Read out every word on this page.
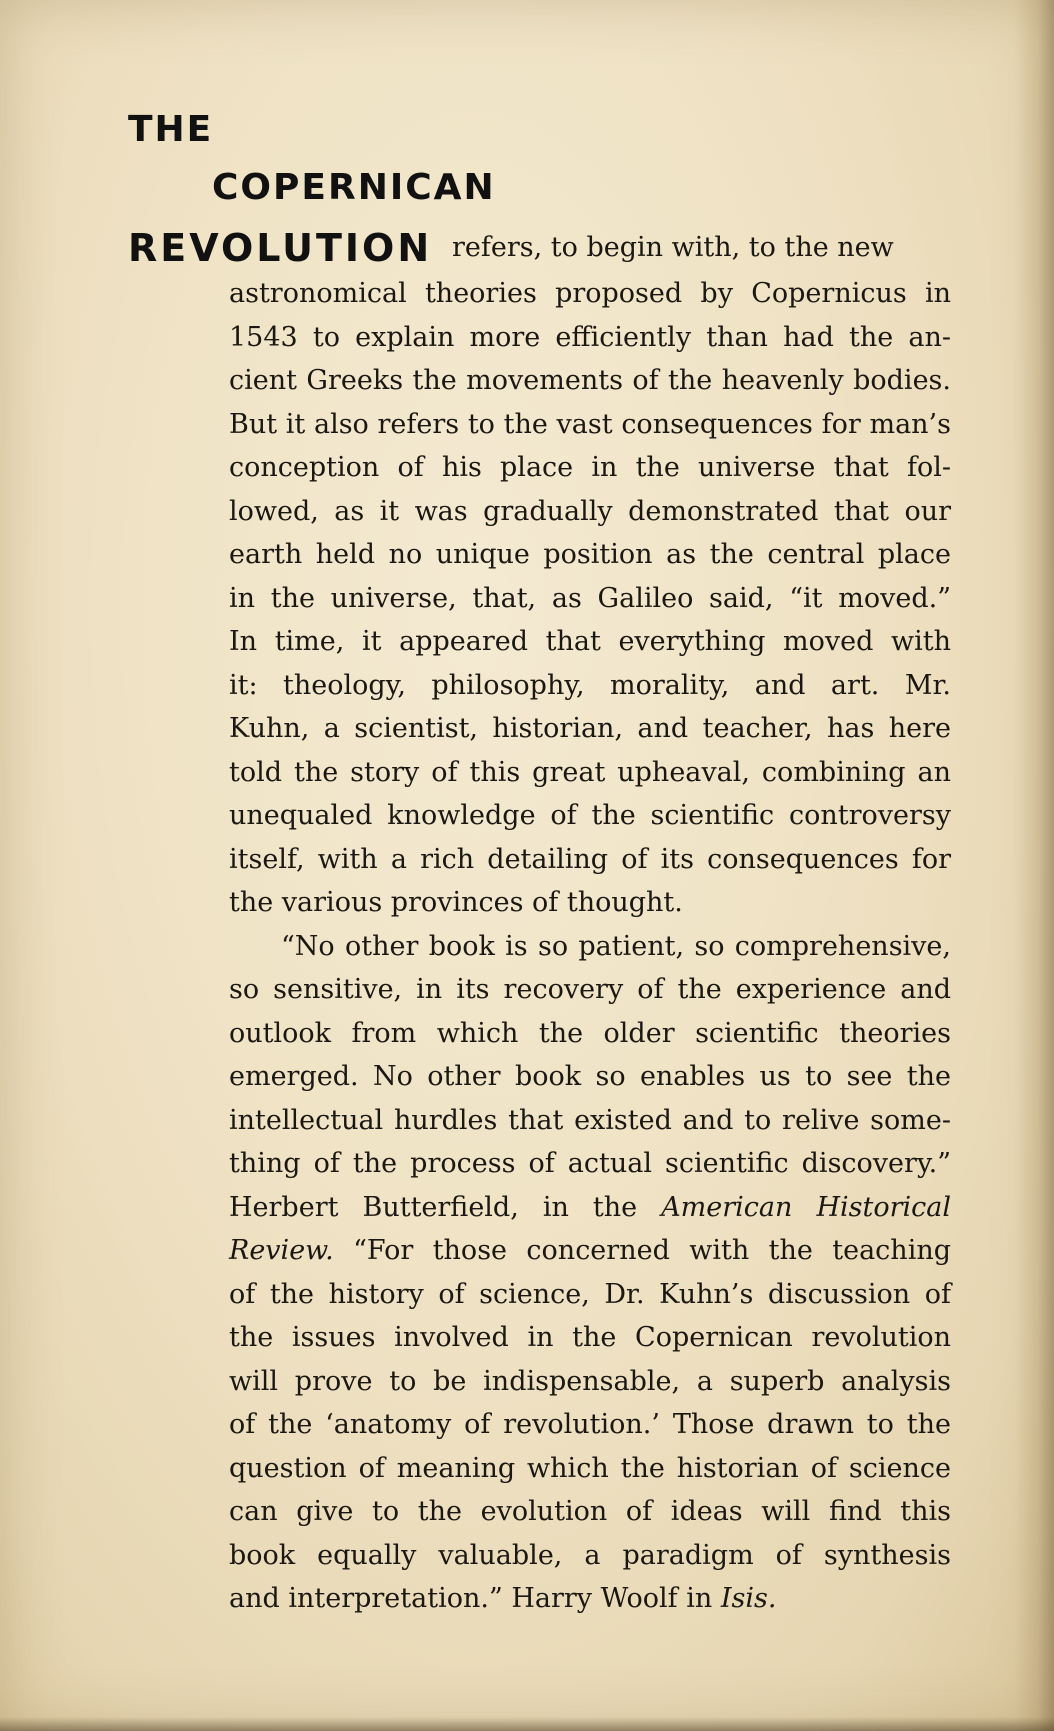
THE
COPERNICAN
REVOLUTION refers, to begin with, to the new

astronomical theories proposed by Copernicus in
1543 to explain more efficiently than had the an-
cient Greeks the movements of the heavenly bodies.
But it also refers to the vast consequences for man’s
conception of his place in the universe that fol-
lowed, as it was gradually demonstrated that our
earth held no unique position as the central place
in the universe, that, as Galileo said, “it moved.”
In time, it appeared that everything moved with
it: theology, philosophy, morality, and art. Mr.
Kuhn, a scientist, historian, and teacher, has here
told the story of this great upheaval, combining an
unequaled knowledge of the scientific controversy
itself, with a rich detailing of its consequences for
the various provinces of thought.
“No other book is so patient, so comprehensive,
so sensitive, in its recovery of the experience and
outlook from which the older scientific theories
emerged. No other book so enables us to see the
intellectual hurdles that existed and to relive some-
thing of the process of actual scientific discovery.”
Herbert Butterfield, in the American Historical
Review. “For those concerned with the teaching
of the history of science, Dr. Kuhn’s discussion of
the issues involved in the Copernican revolution
will prove to be indispensable, a superb analysis
of the ‘anatomy of revolution.’ Those drawn to the
question of meaning which the historian of science
can give to the evolution of ideas will find this
book equally valuable, a paradigm of synthesis
and interpretation.” Harry Woolf in Isis.
